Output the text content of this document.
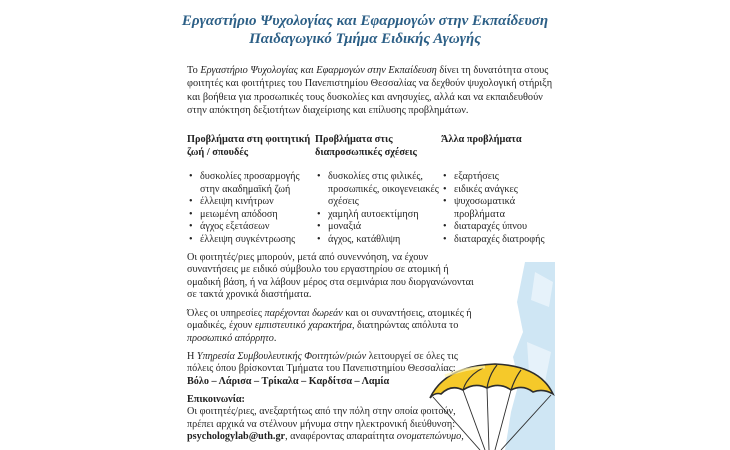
Εργαστήριο Ψυχολογίας και Εφαρμογών στην Εκπαίδευση
Παιδαγωγικό Τμήμα Ειδικής Αγωγής

Το Εργαστήριο Ψυχολογίας και Εφαρμογών στην Εκπαίδευση δίνει τη δυνατότητα στους φοιτητές και φοιτήτριες του Πανεπιστημίου Θεσσαλίας να δεχθούν ψυχολογική στήριξη και βοήθεια για προσωπικές τους δυσκολίες και ανησυχίες, αλλά και να εκπαιδευθούν στην απόκτηση δεξιοτήτων διαχείρισης και επίλυσης προβλημάτων.

Προβλήματα στη φοιτητική ζωή / σπουδές
• δυσκολίες προσαρμογής στην ακαδημαϊκή ζωή
• έλλειψη κινήτρων
• μειωμένη απόδοση
• άγχος εξετάσεων
• έλλειψη συγκέντρωσης
Προβλήματα στις διαπροσωπικές σχέσεις
• δυσκολίες στις φιλικές, προσωπικές, οικογενειακές σχέσεις
• χαμηλή αυτοεκτίμηση
• μοναξιά
• άγχος, κατάθλιψη
Άλλα προβλήματα
• εξαρτήσεις
• ειδικές ανάγκες
• ψυχοσωματικά προβλήματα
• διαταραχές ύπνου
• διαταραχές διατροφής

Οι φοιτητές/ριες μπορούν, μετά από συνεννόηση, να έχουν συναντήσεις με ειδικό σύμβουλο του εργαστηρίου σε ατομική ή ομαδική βάση, ή να λάβουν μέρος στα σεμινάρια που διοργανώνονται σε τακτά χρονικά διαστήματα.

Όλες οι υπηρεσίες παρέχονται δωρεάν και οι συναντήσεις, ατομικές ή ομαδικές, έχουν εμπιστευτικό χαρακτήρα, διατηρώντας απόλυτα το προσωπικό απόρρητο.

Η Υπηρεσία Συμβουλευτικής Φοιτητών/ριών λειτουργεί σε όλες τις πόλεις όπου βρίσκονται Τμήματα του Πανεπιστημίου Θεσσαλίας:
Βόλο – Λάρισα – Τρίκαλα – Καρδίτσα – Λαμία

Επικοινωνία:
Οι φοιτητές/ριες, ανεξαρτήτως από την πόλη στην οποία φοιτούν, πρέπει αρχικά να στέλνουν μήνυμα στην ηλεκτρονική διεύθυνση:
psychologylab@uth.gr, αναφέροντας απαραίτητα ονοματεπώνυμο,
